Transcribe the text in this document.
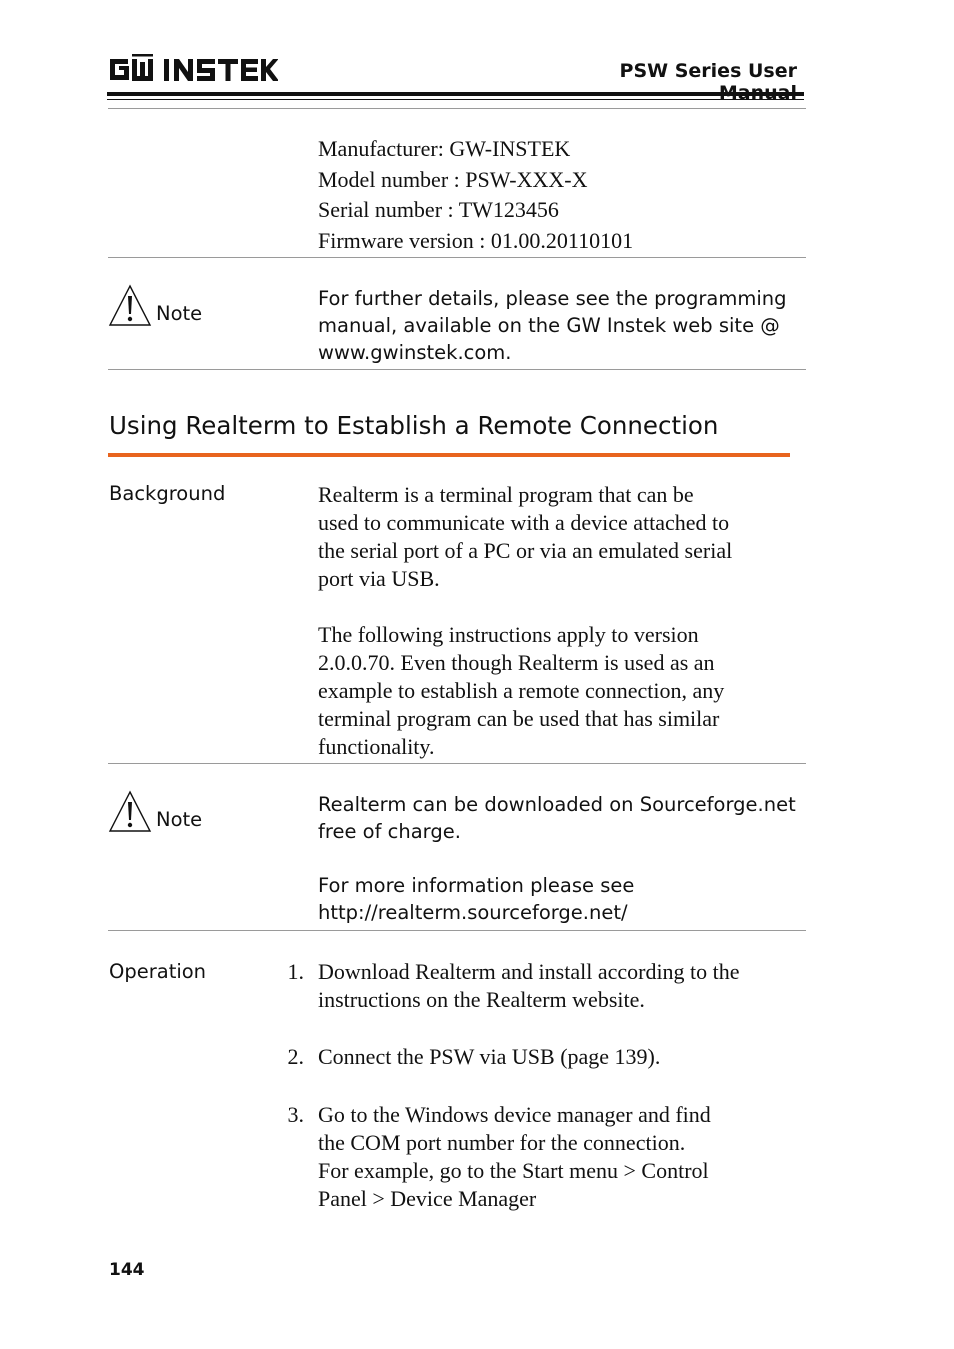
PSW Series User
Manufacturer: GW-INSTEK
Model number : PSW-XXX-X
Serial number : TW123456
Firmware version : 01.00.20110101
Note
For further details, please see the programming
manual, available on the GW Instek web site @
www.gwinstek.com.
Using Realterm to Establish a Remote Connection
Background	Realterm is a terminal program that can be
used to communicate with a device attached to
the serial port of a PC or via an emulated serial
port via USB.
The following instructions apply to version
2.0.0.70. Even though Realterm is used as an
example to establish a remote connection, any
terminal program can be used that has similar
functionality.
Note
Realterm can be downloaded on Sourceforge.net
free of charge.
For more information please see
http://realterm.sourceforge.net/
Operation	1. Download Realterm and install according to the
instructions on the Realterm website.
2. Connect the PSW via USB (page 139).
3. Go to the Windows device manager and find
the COM port number for the connection.
For example, go to the Start menu > Control
Panel > Device Manager
144
